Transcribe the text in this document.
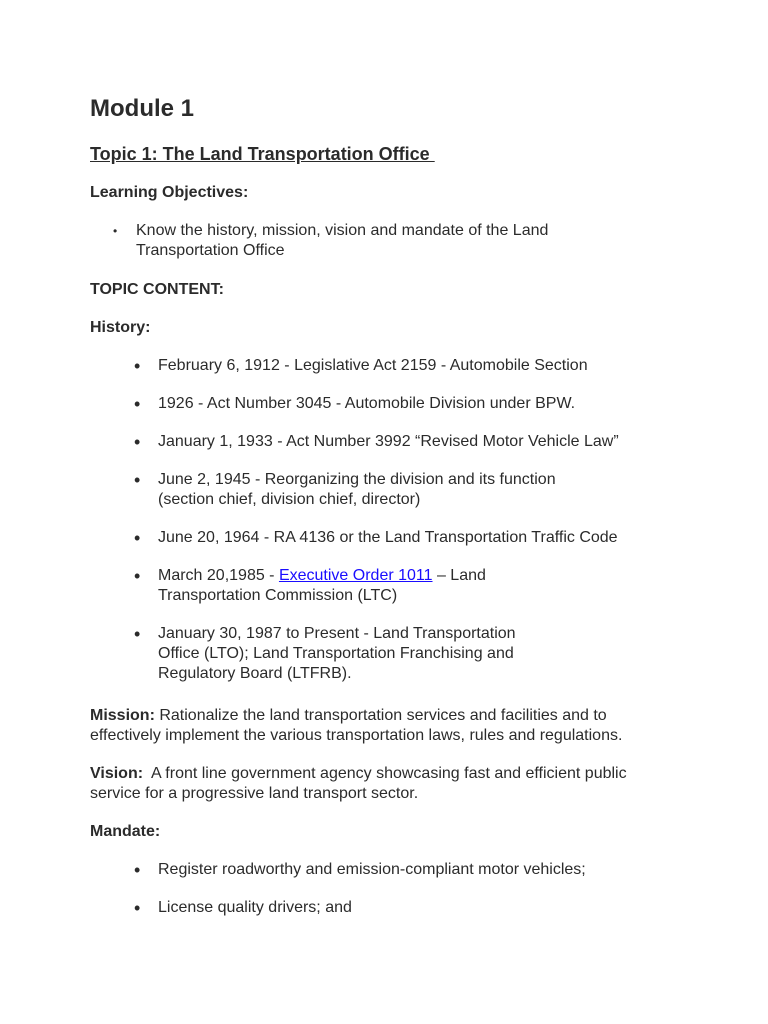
Module 1
Topic 1: The Land Transportation Office

Learning Objectives:

• Know the history, mission, vision and mandate of the Land Transportation Office

TOPIC CONTENT:

History:

• February 6, 1912 - Legislative Act 2159 - Automobile Section
• 1926 - Act Number 3045 - Automobile Division under BPW.
• January 1, 1933 - Act Number 3992 “Revised Motor Vehicle Law”
• June 2, 1945 - Reorganizing the division and its function (section chief, division chief, director)
• June 20, 1964 - RA 4136 or the Land Transportation Traffic Code
• March 20,1985 - Executive Order 1011 – Land Transportation Commission (LTC)
• January 30, 1987 to Present - Land Transportation Office (LTO); Land Transportation Franchising and Regulatory Board (LTFRB).

Mission: Rationalize the land transportation services and facilities and to effectively implement the various transportation laws, rules and regulations.

Vision:  A front line government agency showcasing fast and efficient public service for a progressive land transport sector.

Mandate:

• Register roadworthy and emission-compliant motor vehicles;
• License quality drivers; and
